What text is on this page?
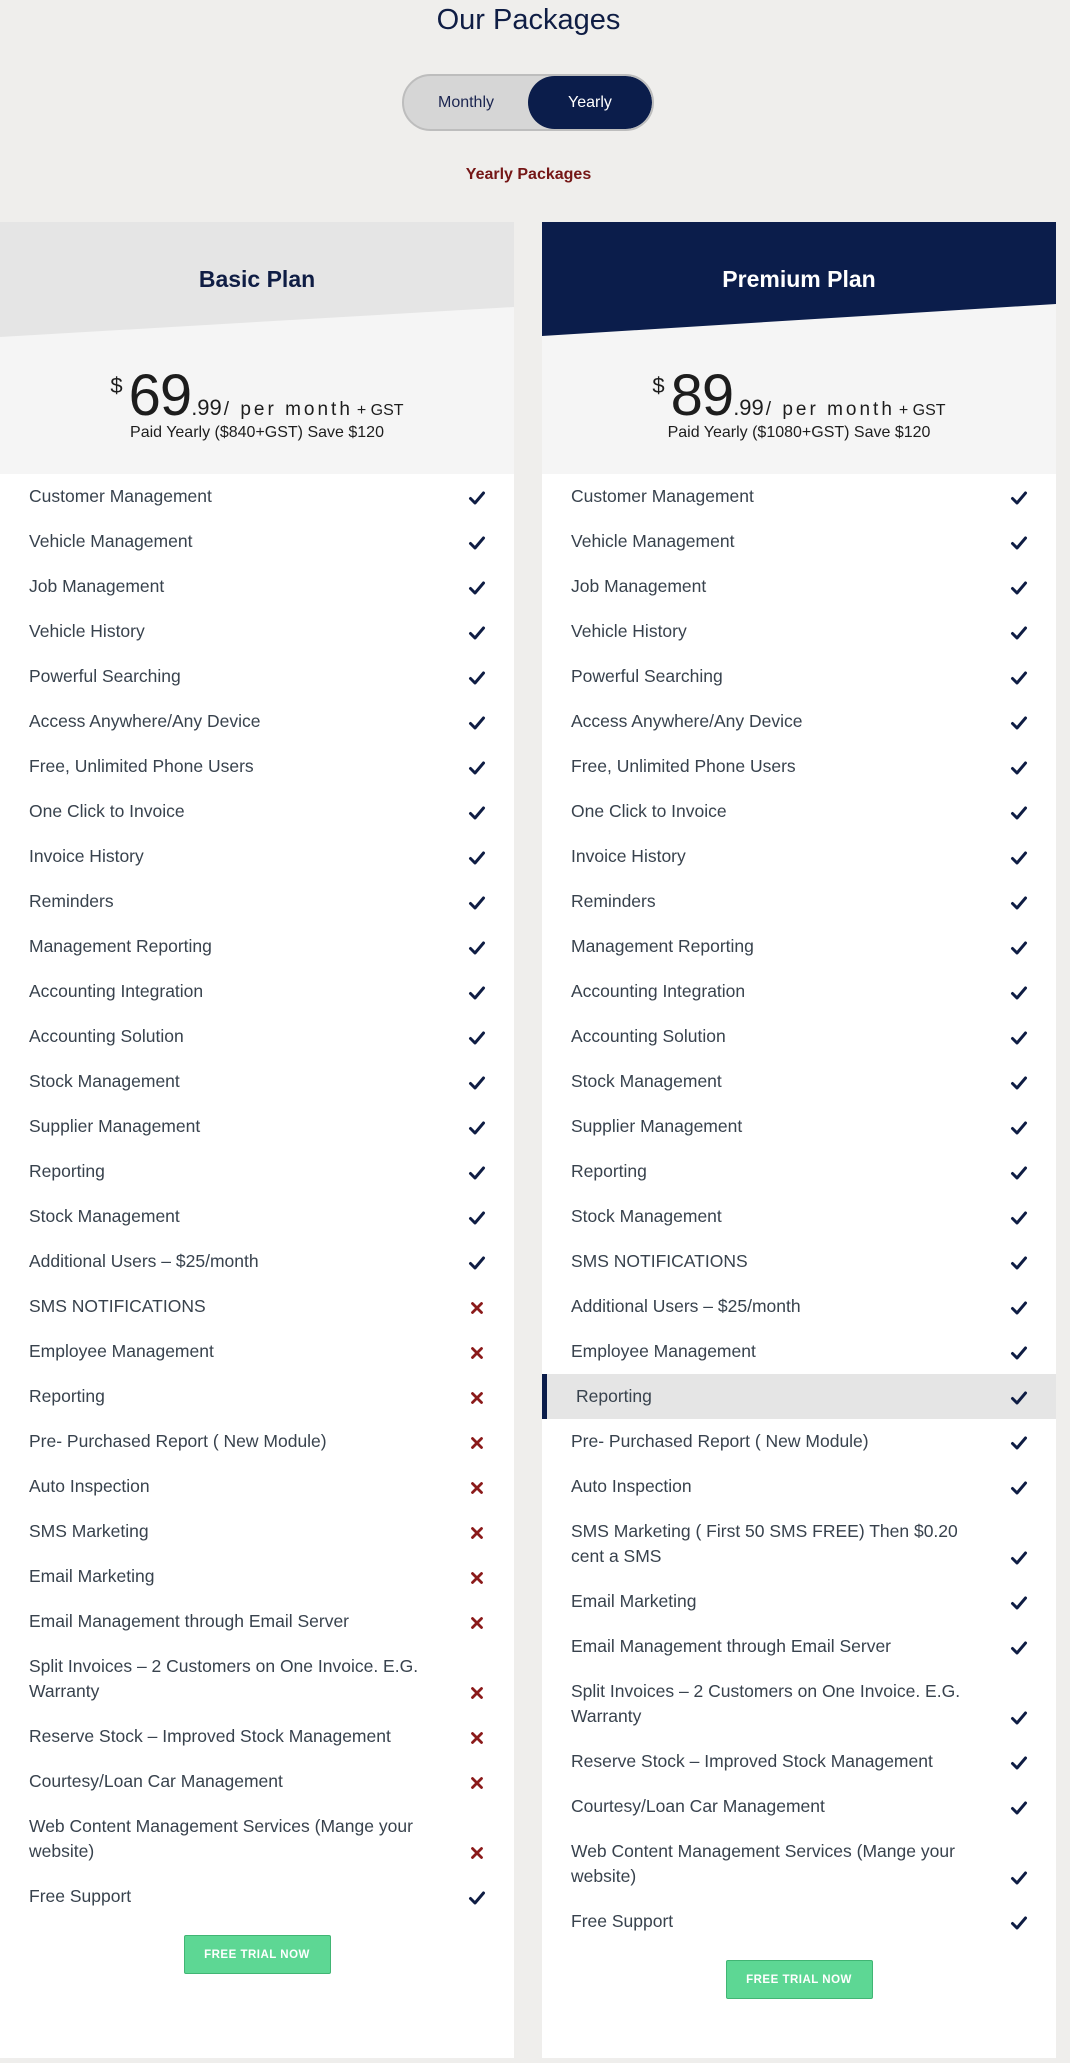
Our Packages
Monthly	Yearly
Yearly Packages
Basic Plan
$ 69.99 / per month + GST
Paid Yearly ($840+GST) Save $120
Customer Management
Vehicle Management
Job Management
Vehicle History
Powerful Searching
Access Anywhere/Any Device
Free, Unlimited Phone Users
One Click to Invoice
Invoice History
Reminders
Management Reporting
Accounting Integration
Accounting Solution
Stock Management
Supplier Management
Reporting
Stock Management
Additional Users – $25/month
SMS NOTIFICATIONS
Employee Management
Reporting
Pre- Purchased Report ( New Module)
Auto Inspection
SMS Marketing
Email Marketing
Email Management through Email Server
Split Invoices – 2 Customers on One Invoice. E.G. Warranty
Reserve Stock – Improved Stock Management
Courtesy/Loan Car Management
Web Content Management Services (Mange your website)
Free Support
FREE TRIAL NOW
Premium Plan
$ 89.99 / per month + GST
Paid Yearly ($1080+GST) Save $120
Customer Management
Vehicle Management
Job Management
Vehicle History
Powerful Searching
Access Anywhere/Any Device
Free, Unlimited Phone Users
One Click to Invoice
Invoice History
Reminders
Management Reporting
Accounting Integration
Accounting Solution
Stock Management
Supplier Management
Reporting
Stock Management
SMS NOTIFICATIONS
Additional Users – $25/month
Employee Management
Reporting
Pre- Purchased Report ( New Module)
Auto Inspection
SMS Marketing ( First 50 SMS FREE) Then $0.20 cent a SMS
Email Marketing
Email Management through Email Server
Split Invoices – 2 Customers on One Invoice. E.G. Warranty
Reserve Stock – Improved Stock Management
Courtesy/Loan Car Management
Web Content Management Services (Mange your website)
Free Support
FREE TRIAL NOW
